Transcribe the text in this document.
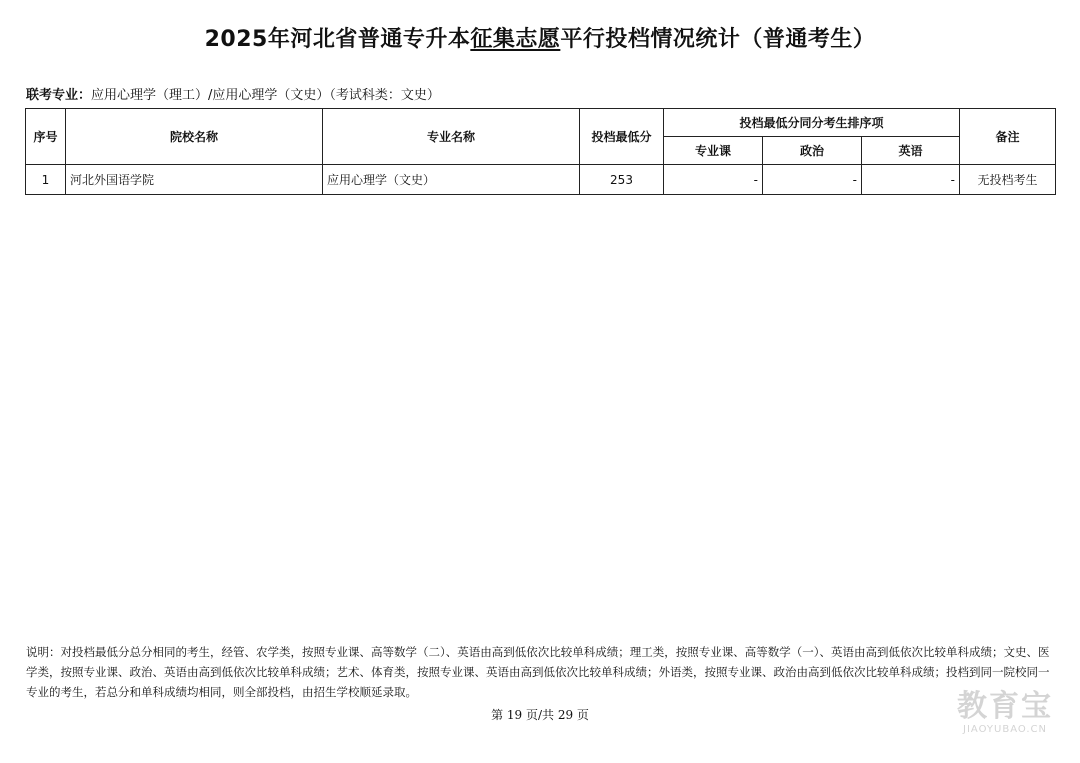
2025年河北省普通专升本征集志愿平行投档情况统计（普通考生）
联考专业：应用心理学（理工）/应用心理学（文史）（考试科类：文史）
序号	院校名称	专业名称	投档最低分	投档最低分同分考生排序项			备注
				专业课	政治	英语	
1	河北外国语学院	应用心理学（文史）	253	-	-	-	无投档考生
说明：对投档最低分总分相同的考生，经管、农学类，按照专业课、高等数学（二）、英语由高到低依次比较单科成绩；理工类，按照专业课、高等数学（一）、英语由高到低依次比较单科成绩；文史、医学类，按照专业课、政治、英语由高到低依次比较单科成绩；艺术、体育类，按照专业课、英语由高到低依次比较单科成绩；外语类，按照专业课、政治由高到低依次比较单科成绩；投档到同一院校同一专业的考生，若总分和单科成绩均相同，则全部投档，由招生学校顺延录取。
第 19 页/共 29 页	教育宝
JIAOYUBAO.CN
